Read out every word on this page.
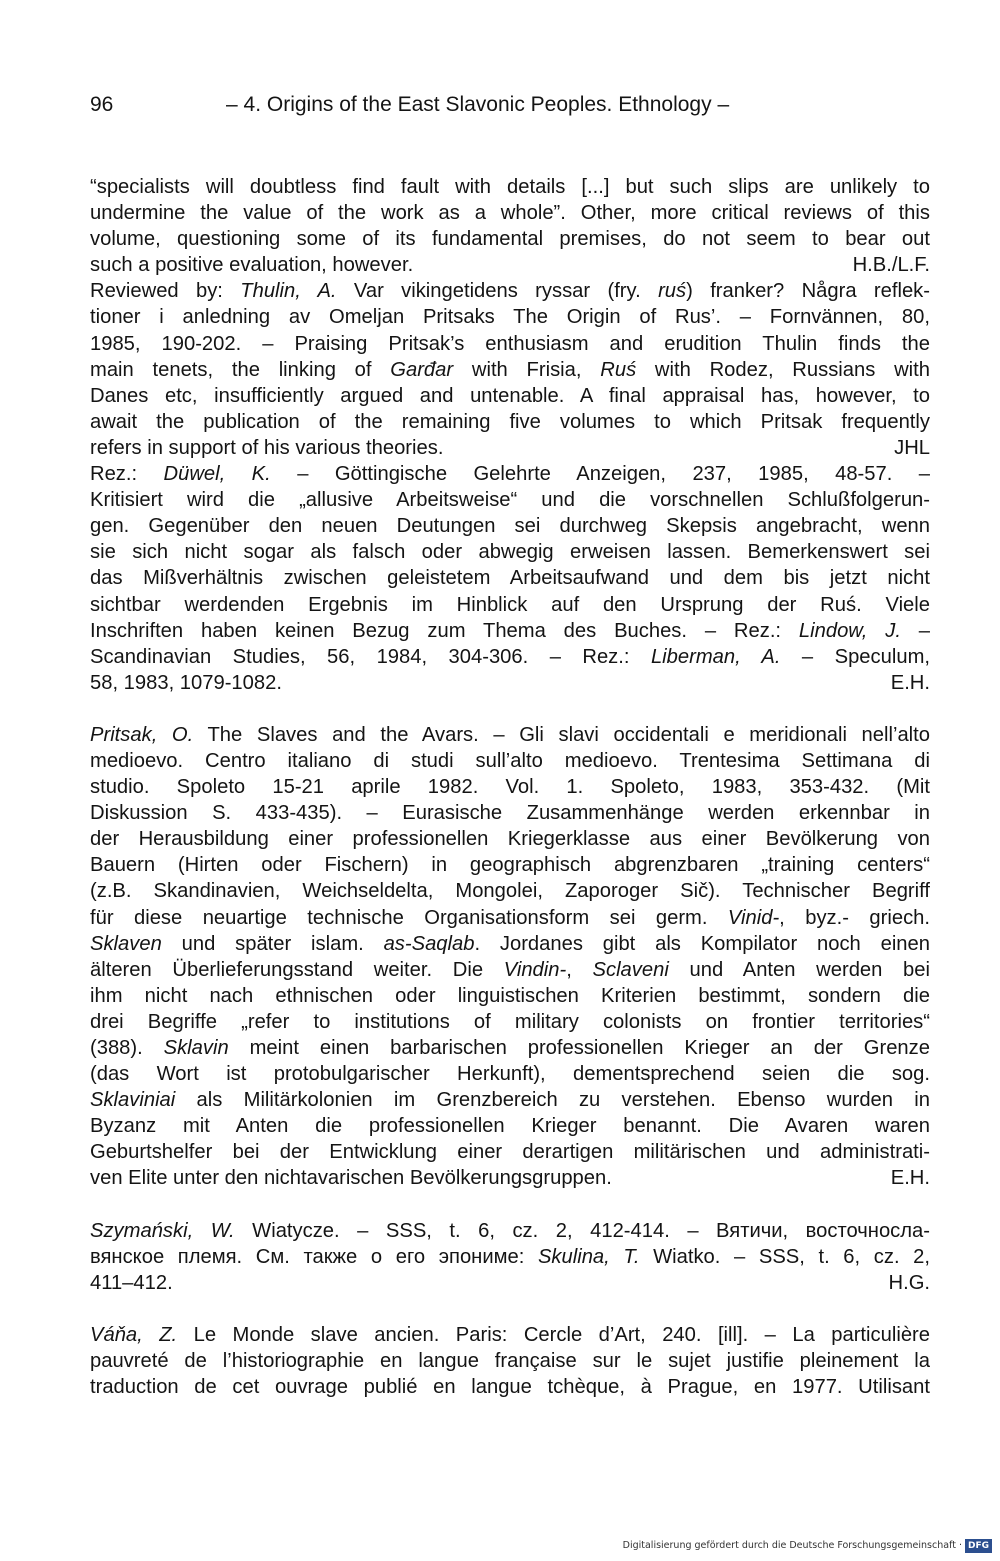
96	– 4. Origins of the East Slavonic Peoples. Ethnology –
“specialists will doubtless find fault with details [...] but such slips are unlikely to
undermine the value of the work as a whole”. Other, more critical reviews of this
volume, questioning some of its fundamental premises, do not seem to bear out
such a positive evaluation, however.	H.B./L.F.
Reviewed by: Thulin, A. Var vikingetidens ryssar (fry. ruś) franker? Några reflek-
tioner i anledning av Omeljan Pritsaks The Origin of Rus’. – Fornvännen, 80,
1985, 190-202. – Praising Pritsak’s enthusiasm and erudition Thulin finds the
main tenets, the linking of Garđar with Frisia, Ruś with Rodez, Russians with
Danes etc, insufficiently argued and untenable. A final appraisal has, however, to
await the publication of the remaining five volumes to which Pritsak frequently
refers in support of his various theories.	JHL
Rez.: Düwel, K. – Göttingische Gelehrte Anzeigen, 237, 1985, 48-57. –
Kritisiert wird die „allusive Arbeitsweise“ und die vorschnellen Schlußfolgerun-
gen. Gegenüber den neuen Deutungen sei durchweg Skepsis angebracht, wenn
sie sich nicht sogar als falsch oder abwegig erweisen lassen. Bemerkenswert sei
das Mißverhältnis zwischen geleistetem Arbeitsaufwand und dem bis jetzt nicht
sichtbar werdenden Ergebnis im Hinblick auf den Ursprung der Ruś. Viele
Inschriften haben keinen Bezug zum Thema des Buches. – Rez.: Lindow, J. –
Scandinavian Studies, 56, 1984, 304-306. – Rez.: Liberman, A. – Speculum,
58, 1983, 1079-1082.	E.H.
Pritsak, O. The Slaves and the Avars. – Gli slavi occidentali e meridionali nell’alto
medioevo. Centro italiano di studi sull’alto medioevo. Trentesima Settimana di
studio. Spoleto 15-21 aprile 1982. Vol. 1. Spoleto, 1983, 353-432. (Mit
Diskussion S. 433-435). – Eurasische Zusammenhänge werden erkennbar in
der Herausbildung einer professionellen Kriegerklasse aus einer Bevölkerung von
Bauern (Hirten oder Fischern) in geographisch abgrenzbaren „training centers“
(z.B. Skandinavien, Weichseldelta, Mongolei, Zaporoger Sič). Technischer Begriff
für diese neuartige technische Organisationsform sei germ. Vinid-, byz.- griech.
Sklaven und später islam. as-Saqlab. Jordanes gibt als Kompilator noch einen
älteren Überlieferungsstand weiter. Die Vindin-, Sclaveni und Anten werden bei
ihm nicht nach ethnischen oder linguistischen Kriterien bestimmt, sondern die
drei Begriffe „refer to institutions of military colonists on frontier territories“
(388). Sklavin meint einen barbarischen professionellen Krieger an der Grenze
(das Wort ist protobulgarischer Herkunft), dementsprechend seien die sog.
Sklaviniai als Militärkolonien im Grenzbereich zu verstehen. Ebenso wurden in
Byzanz mit Anten die professionellen Krieger benannt. Die Avaren waren
Geburtshelfer bei der Entwicklung einer derartigen militärischen und administrati-
ven Elite unter den nichtavarischen Bevölkerungsgruppen.	E.H.
Szymański, W. Wiatycze. – SSS, t. 6, cz. 2, 412-414. – Вятичи, восточносла-
вянское племя. См. также о его эпониме: Skulina, T. Wiatko. – SSS, t. 6, cz. 2,
411–412.	H.G.
Váňa, Z. Le Monde slave ancien. Paris: Cercle d’Art, 240. [ill]. – La particulière
pauvreté de l’historiographie en langue française sur le sujet justifie pleinement la
traduction de cet ouvrage publié en langue tchèque, à Prague, en 1977. Utilisant
Digitalisierung gefördert durch die Deutsche Forschungsgemeinschaft · DFG
